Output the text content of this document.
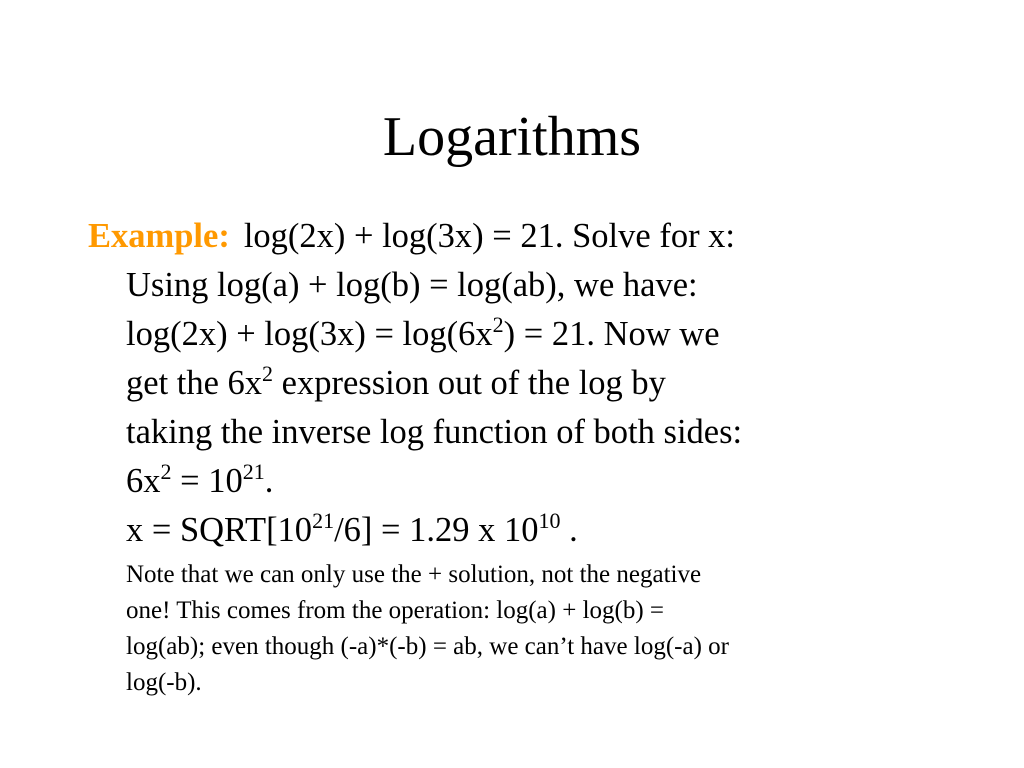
Logarithms
Example: log(2x) + log(3x) = 21. Solve for x:
Using log(a) + log(b) = log(ab), we have:
$\log(2x) + \log(3x) = \log(6x^2) = 21$. Now we
get the $6x^2$ expression out of the log by
taking the inverse log function of both sides:
$6x^2 = 10^{21}$.
$x = SQRT[10^{21}/6] = 1.29$ x $10^{10}$ .
Note that we can only use the + solution, not the negative
one! This comes from the operation: log(a) + log(b) =
log(ab); even though (-a)*(-b) = ab, we can’t have log(-a) or
log(-b).
